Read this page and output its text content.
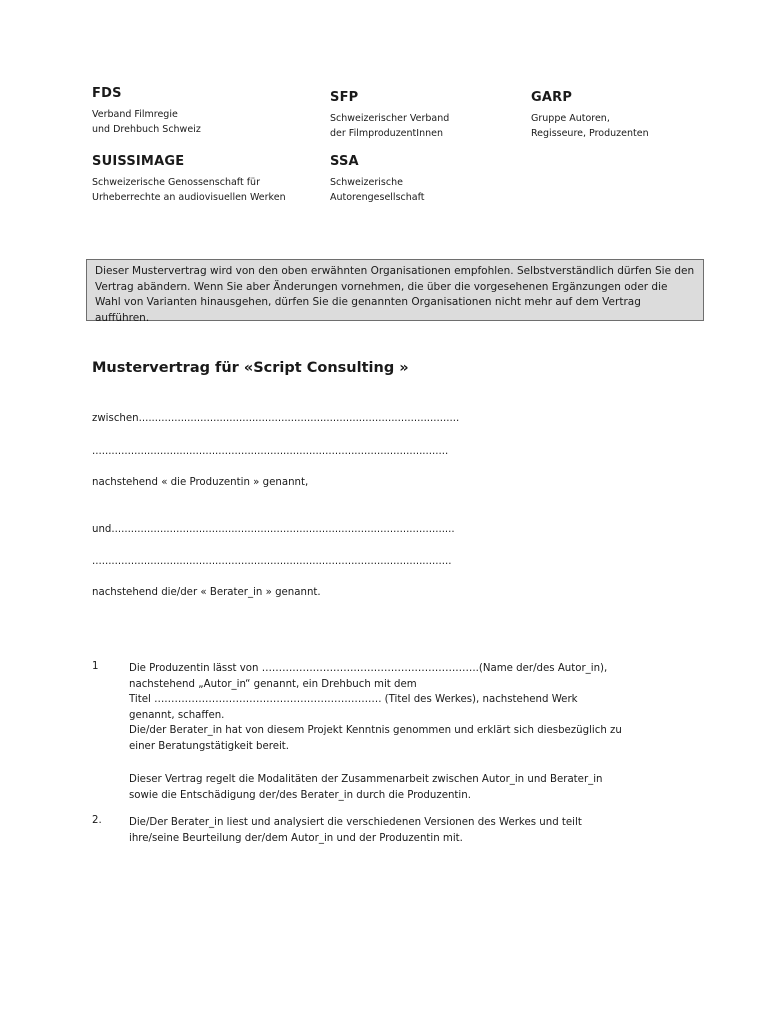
FDS
Verband Filmregie
und Drehbuch Schweiz
SFP
Schweizerischer Verband
der FilmproduzentInnen
GARP
Gruppe Autoren,
Regisseure, Produzenten
SUISSIMAGE
Schweizerische Genossenschaft für
Urheberrechte an audiovisuellen Werken
SSA
Schweizerische
Autorengesellschaft
Dieser Mustervertrag wird von den oben erwähnten Organisationen empfohlen. Selbstverständlich dürfen Sie den Vertrag abändern. Wenn Sie aber Änderungen vornehmen, die über die vorgesehenen Ergänzungen oder die Wahl von Varianten hinausgehen, dürfen Sie die genannten Organisationen nicht mehr auf dem Vertrag aufführen.
Mustervertrag für «Script Consulting »
zwischen...................................................................................................
..............................................................................................................
nachstehend « die Produzentin » genannt,
und..........................................................................................................
...............................................................................................................
nachstehend die/der « Berater_in » genannt.
1	Die Produzentin lässt von ……………………………………………………….(Name der/des Autor_in),
nachstehend „Autor_in“ genannt, ein Drehbuch mit dem
Titel …………………………………………………………. (Titel des Werkes), nachstehend Werk
genannt, schaffen.
Die/der Berater_in hat von diesem Projekt Kenntnis genommen und erklärt sich diesbezüglich zu
einer Beratungstätigkeit bereit.
Dieser Vertrag regelt die Modalitäten der Zusammenarbeit zwischen Autor_in und Berater_in
sowie die Entschädigung der/des Berater_in durch die Produzentin.
2.	Die/Der Berater_in liest und analysiert die verschiedenen Versionen des Werkes und teilt
ihre/seine Beurteilung der/dem Autor_in und der Produzentin mit.
